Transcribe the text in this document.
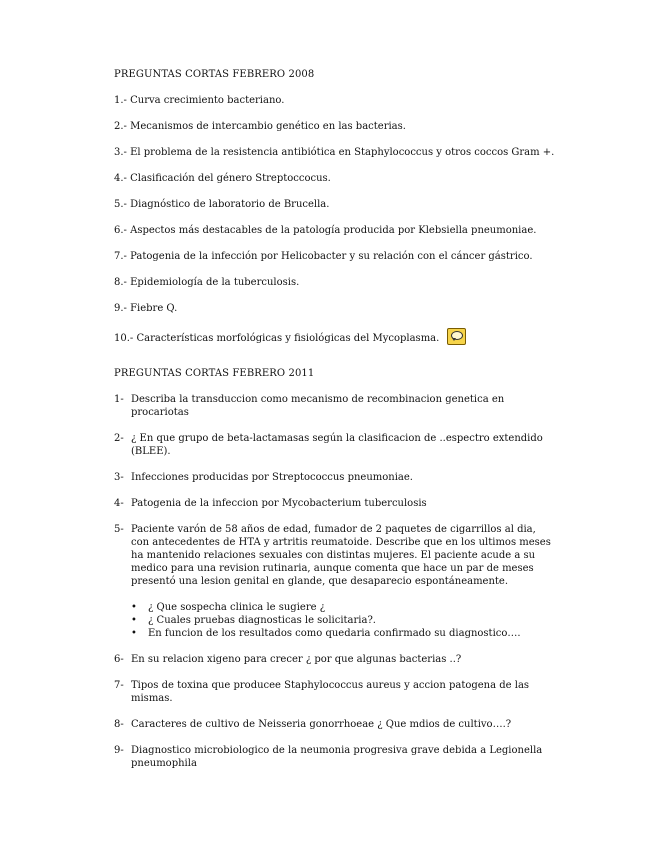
PREGUNTAS CORTAS FEBRERO 2008
1.- Curva crecimiento bacteriano.
2.- Mecanismos de intercambio genético en las bacterias.
3.- El problema de la resistencia antibiótica en Staphylococcus y otros coccos Gram +.
4.- Clasificación del género Streptoccocus.
5.- Diagnóstico de laboratorio de Brucella.
6.- Aspectos más destacables de la patología producida por Klebsiella pneumoniae.
7.- Patogenia de la infección por Helicobacter y su relación con el cáncer gástrico.
8.- Epidemiología de la tuberculosis.
9.- Fiebre Q.
10.- Características morfológicas y fisiológicas del Mycoplasma.
PREGUNTAS CORTAS FEBRERO 2011
1- Describa la transduccion como mecanismo de recombinacion genetica en procariotas
2- ¿ En que grupo de beta-lactamasas según la clasificacion de ..espectro extendido (BLEE).
3- Infecciones producidas por Streptococcus pneumoniae.
4- Patogenia de la infeccion por Mycobacterium tuberculosis
5- Paciente varón de 58 años de edad, fumador de 2 paquetes de cigarrillos al dia, con antecedentes de HTA y artritis reumatoide. Describe que en los ultimos meses ha mantenido relaciones sexuales con distintas mujeres. El paciente acude a su medico para una revision rutinaria, aunque comenta que hace un par de meses presentó una lesion genital en glande, que desaparecio espontáneamente.
• ¿ Que sospecha clinica le sugiere ¿
• ¿ Cuales pruebas diagnosticas le solicitaria?.
• En funcion de los resultados como quedaria confirmado su diagnostico….
6- En su relacion xigeno para crecer ¿ por que algunas bacterias ..?
7- Tipos de toxina que producee Staphylococcus aureus y accion patogena de las mismas.
8- Caracteres de cultivo de Neisseria gonorrhoeae ¿ Que mdios de cultivo….?
9- Diagnostico microbiologico de la neumonia progresiva grave debida a Legionella pneumophila
